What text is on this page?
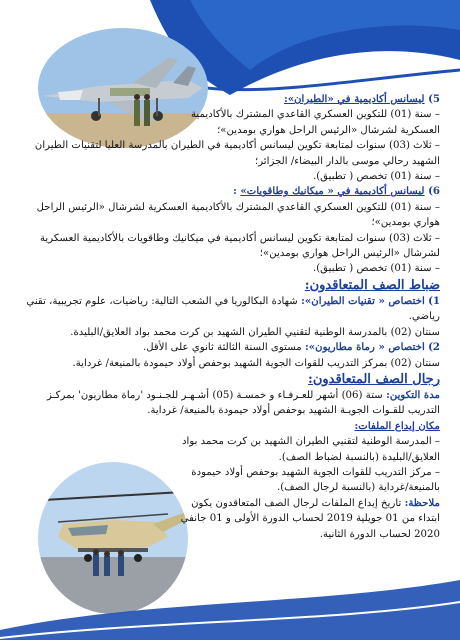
5) ليسانس أكاديمية في «الطيران»:

– سنة (01) للتكوين العسكري القاعدي المشترك بالأكاديمية العسكرية لشرشال «الرئيس الراحل هواري بومدين»؛

– ثلاث (03) سنوات لمتابعة تكوين ليسانس أكاديمية في الطيران بالمدرسة العليا لتقنيات الطيران الشهيد رحالي موسى بالدار البيضاء/ الجزائر؛

– سنة (01) تخصص ( تطبيق).

6) ليسانس أكاديمية في « ميكانيك وطاقويات» :

– سنة (01) للتكوين العسكري القاعدي المشترك بالأكاديمية العسكرية لشرشال «الرئيس الراحل هواري بومدين»؛

– ثلاث (03) سنوات لمتابعة تكوين ليسانس أكاديمية في ميكانيك وطاقويات بالأكاديمية العسكرية لشرشال «الرئيس الراحل هواري بومدين»؛

– سنة (01) تخصص ( تطبيق).

ضباط الصف المتعاقدون:

1) اختصاص « تقنيات الطيران»: شهادة البكالوريا في الشعب التالية: رياضيات، علوم تجريبية، تقني رياضي.

سنتان (02) بالمدرسة الوطنية لتقنيي الطيران الشهيد بن كرت محمد بواد العلايق/البليدة.

2) اختصاص « رماة مطاريون»: مستوى السنة الثالثة ثانوي على الأقل.

سنتان (02) بمركز التدريب للقوات الجوية الشهيد بوحفص أولاد حيمودة بالمنيعة/ غرداية.

رجال الصف المتعاقدون:

مدة التكوين: ستة (06) أشهر للعـرفـاء و خمسـة (05) أشـهـر للجـنـود 'رماة مطاريون' بمركـز التدريب للقـوات الجويـة الشهيد بوحفص أولاد حيمودة بالمنيعة/ غرداية.

مكان إيداع الملفات:

– المدرسة الوطنية لتقنيي الطيران الشهيد بن كرت محمد بواد العلايق/البليدة (بالنسبة لضباط الصف).

– مركز التدريب للقوات الجوية الشهيد بوحفص أولاد حيمودة بالمنيعة/غرداية (بالنسبة لرجال الصف).

ملاحظة: تاريخ إيداع الملفات لرجال الصف المتعاقدون يكون ابتداء من 01 جويلية 2019 لحساب الدورة الأولى و 01 جانفي 2020 لحساب الدورة الثانية.
